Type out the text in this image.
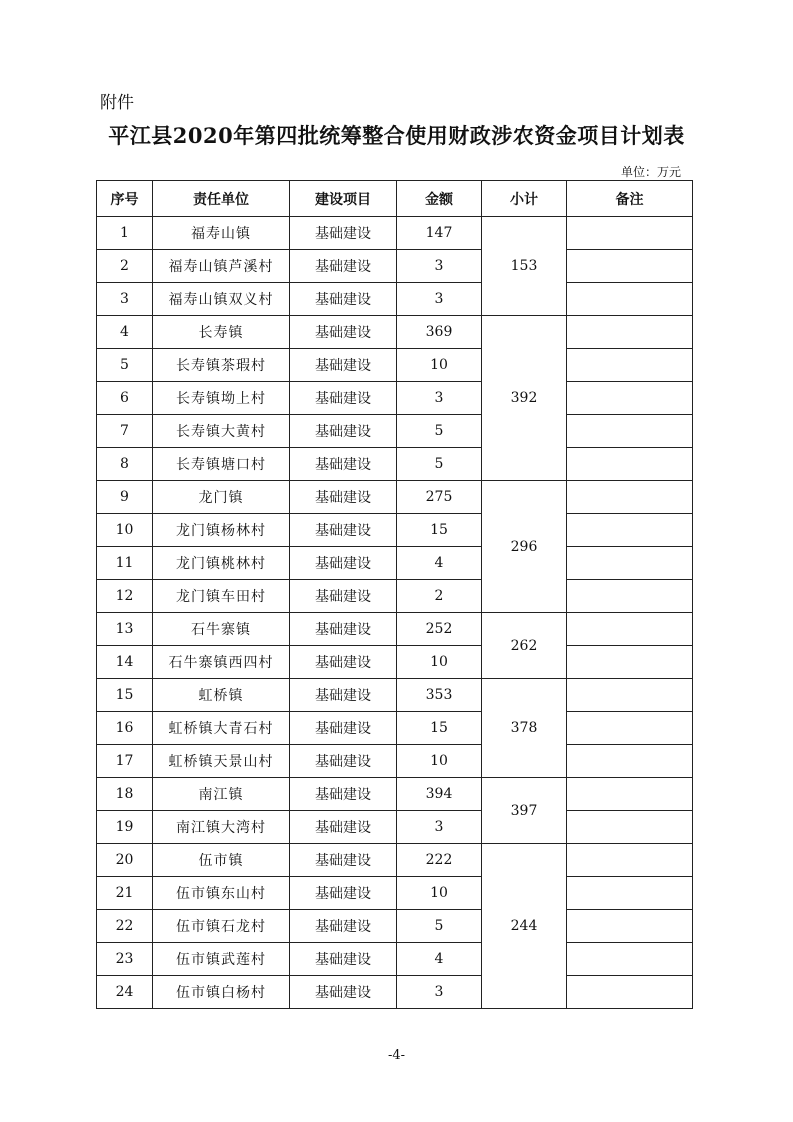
附件
平江县2020年第四批统筹整合使用财政涉农资金项目计划表
单位：万元
序号	责任单位	建设项目	金额	小计	备注
1	福寿山镇	基础建设	147	153	
2	福寿山镇芦溪村	基础建设	3		
3	福寿山镇双义村	基础建设	3		
4	长寿镇	基础建设	369	392	
5	长寿镇茶瑕村	基础建设	10		
6	长寿镇坳上村	基础建设	3		
7	长寿镇大黄村	基础建设	5		
8	长寿镇塘口村	基础建设	5		
9	龙门镇	基础建设	275	296	
10	龙门镇杨林村	基础建设	15		
11	龙门镇桃林村	基础建设	4		
12	龙门镇车田村	基础建设	2		
13	石牛寨镇	基础建设	252	262	
14	石牛寨镇西四村	基础建设	10		
15	虹桥镇	基础建设	353	378	
16	虹桥镇大青石村	基础建设	15		
17	虹桥镇天景山村	基础建设	10		
18	南江镇	基础建设	394	397	
19	南江镇大湾村	基础建设	3		
20	伍市镇	基础建设	222	244	
21	伍市镇东山村	基础建设	10		
22	伍市镇石龙村	基础建设	5		
23	伍市镇武莲村	基础建设	4		
24	伍市镇白杨村	基础建设	3		
-4-
